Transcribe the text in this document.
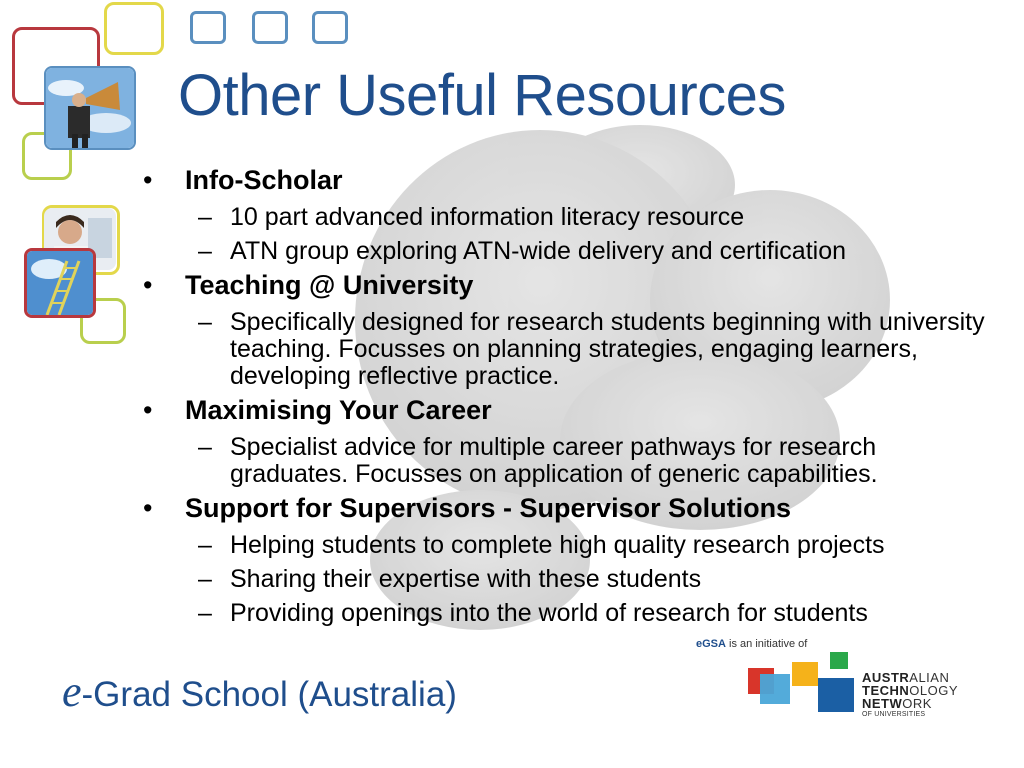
Other Useful Resources
• Info-Scholar
– 10 part advanced information literacy resource
– ATN group exploring ATN-wide delivery and certification
• Teaching @ University
– Specifically designed for research students beginning with university teaching. Focusses on planning strategies, engaging learners, developing reflective practice.
• Maximising Your Career
– Specialist advice for multiple career pathways for research graduates. Focusses on application of generic capabilities.
• Support for Supervisors - Supervisor Solutions
– Helping students to complete high quality research projects
– Sharing their expertise with these students
– Providing openings into the world of research for students
e-Grad School (Australia)
eGSA is an initiative of
AUSTRALIAN
TECHNOLOGY
NETWORK
OF UNIVERSITIES
